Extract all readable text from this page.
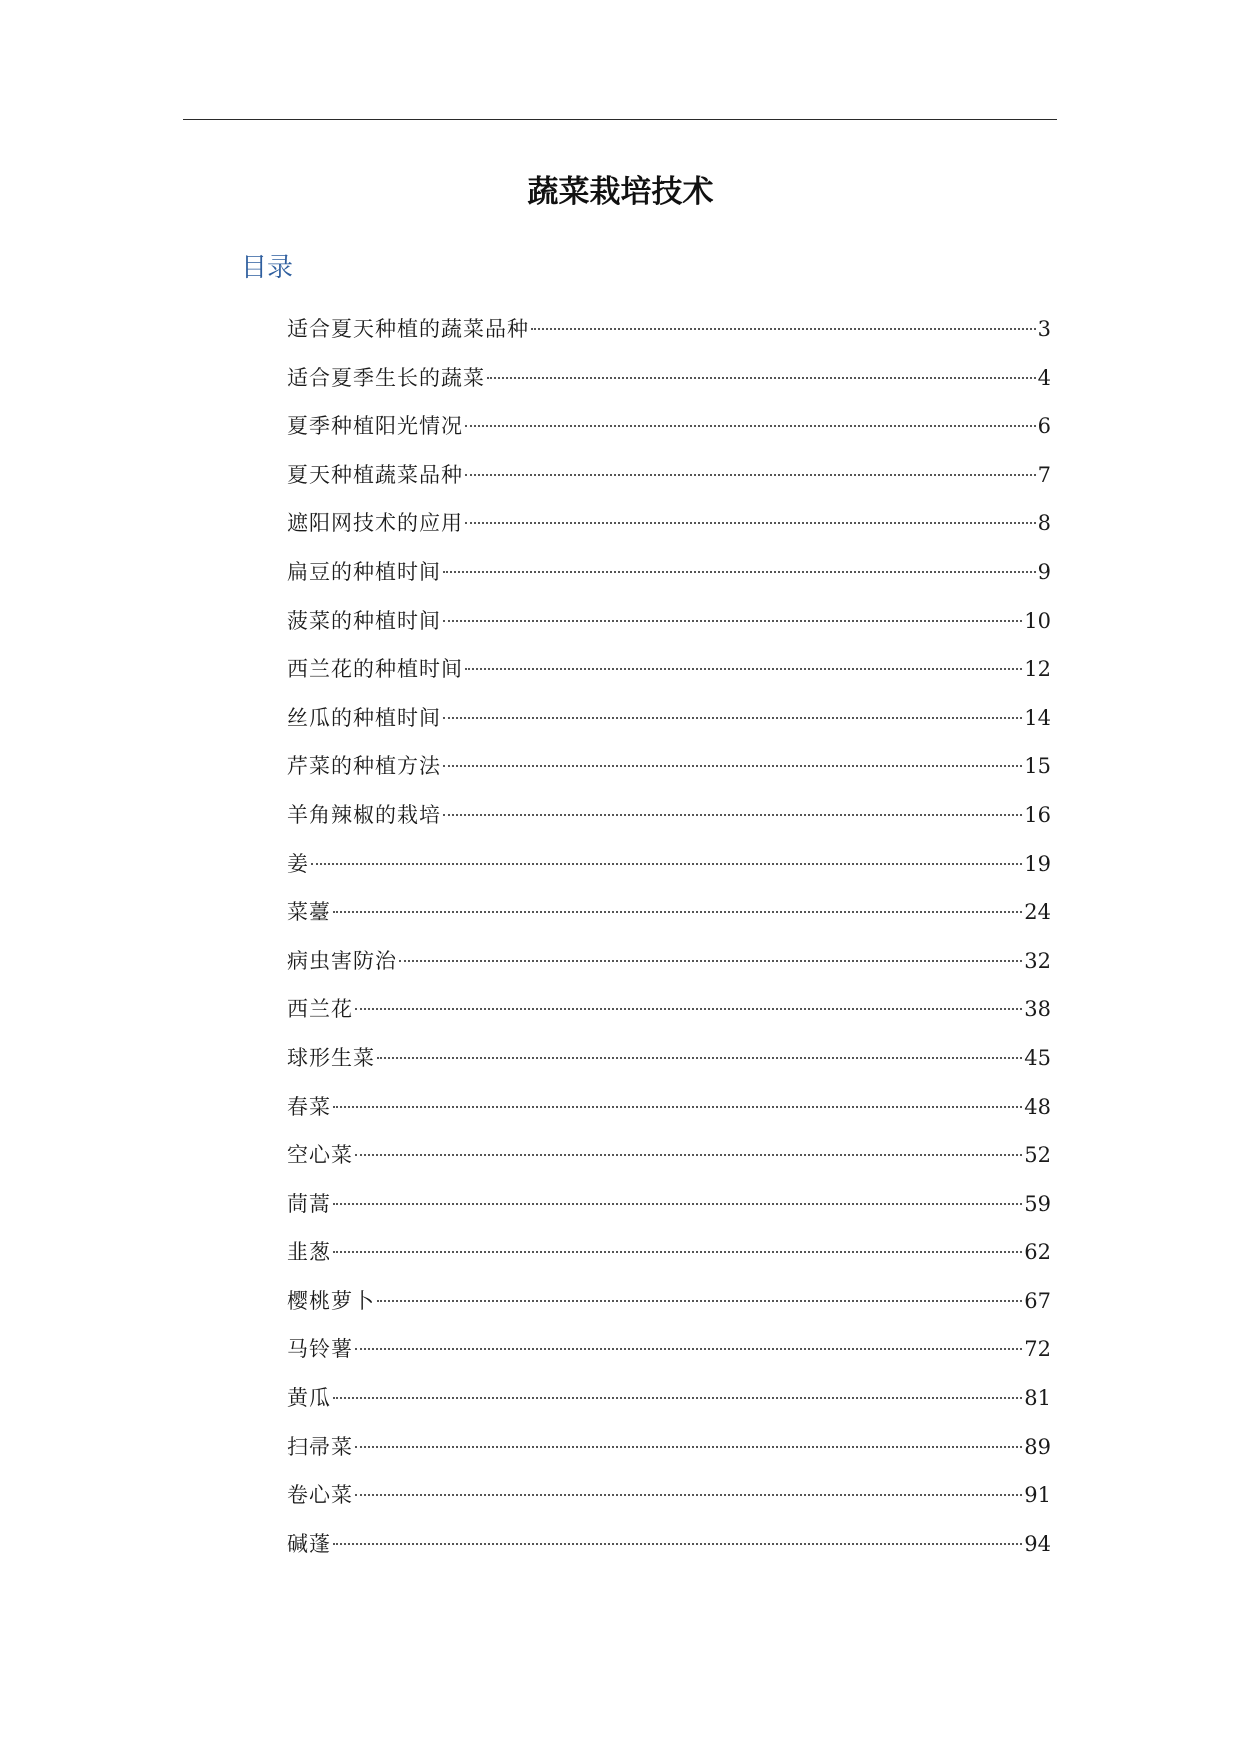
蔬菜栽培技术
目录
适合夏天种植的蔬菜品种	3
适合夏季生长的蔬菜	4
夏季种植阳光情况	6
夏天种植蔬菜品种	7
遮阳网技术的应用	8
扁豆的种植时间	9
菠菜的种植时间	10
西兰花的种植时间	12
丝瓜的种植时间	14
芹菜的种植方法	15
羊角辣椒的栽培	16
姜	19
菜薹	24
病虫害防治	32
西兰花	38
球形生菜	45
春菜	48
空心菜	52
茼蒿	59
韭葱	62
樱桃萝卜	67
马铃薯	72
黄瓜	81
扫帚菜	89
卷心菜	91
碱蓬	94
